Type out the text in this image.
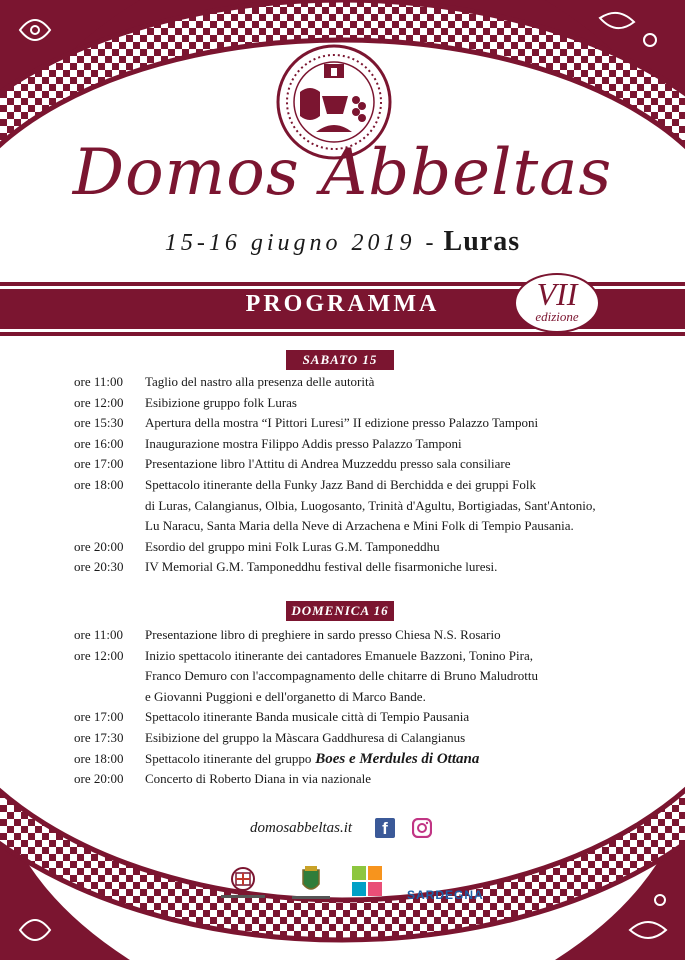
Domos Abbeltas
15-16 giugno 2019 - Luras
PROGRAMMA	VII
edizione
SABATO 15
ore 11:00	Taglio del nastro alla presenza delle autorità
ore 12:00	Esibizione gruppo folk Luras
ore 15:30	Apertura della mostra “I Pittori Luresi” II edizione presso Palazzo Tamponi
ore 16:00	Inaugurazione mostra Filippo Addis presso Palazzo Tamponi
ore 17:00	Presentazione libro l'Attitu di Andrea Muzzeddu presso sala consiliare
ore 18:00	Spettacolo itinerante della Funky Jazz Band di Berchidda e dei gruppi Folk
di Luras, Calangianus, Olbia, Luogosanto, Trinità d'Agultu, Bortigiadas, Sant'Antonio,
Lu Naracu, Santa Maria della Neve di Arzachena e Mini Folk di Tempio Pausania.
ore 20:00	Esordio del gruppo mini Folk Luras G.M. Tamponeddhu
ore 20:30	IV Memorial G.M. Tamponeddhu festival delle fisarmoniche luresi.
DOMENICA 16
ore 11:00	Presentazione libro di preghiere in sardo presso Chiesa N.S. Rosario
ore 12:00	Inizio spettacolo itinerante dei cantadores Emanuele Bazzoni, Tonino Pira,
Franco Demuro con l'accompagnamento delle chitarre di Bruno Maludrottu
e Giovanni Puggioni e dell'organetto di Marco Bande.
ore 17:00	Spettacolo itinerante Banda musicale città di Tempio Pausania
ore 17:30	Esibizione del gruppo la Màscara Gaddhuresa di Calangianus
ore 18:00	Spettacolo itinerante del gruppo Boes e Merdules di Ottana
ore 20:00	Concerto di Roberto Diana in via nazionale
domosabbeltas.it	f
SARDEGNA
